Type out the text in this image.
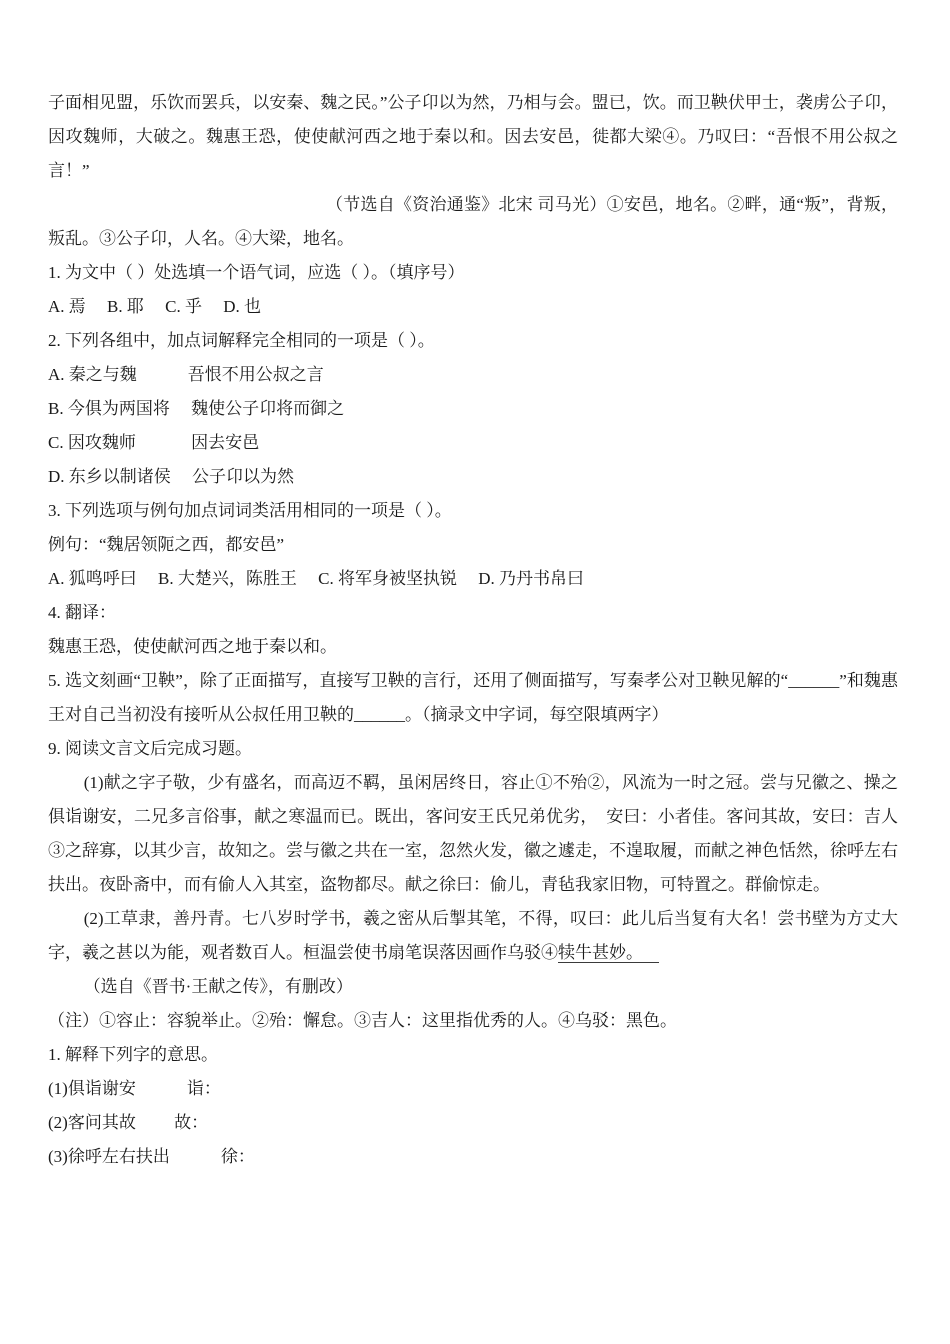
子面相见盟，乐饮而罢兵，以安秦、魏之民。”公子卬以为然，乃相与会。盟已，饮。而卫鞅伏甲士，袭虏公子卬，因攻魏师，大破之。魏惠王恐，使使献河西之地于秦以和。因去安邑，徙都大梁④。乃叹曰：“吾恨不用公叔之言！”

（节选自《资治通鉴》北宋 司马光）①安邑，地名。②畔，通“叛”，背叛，叛乱。③公子卬，人名。④大梁，地名。

1. 为文中（ ）处选填一个语气词，应选（ ）。（填序号）

A. 焉　 B. 耶　 C. 乎　 D. 也

2. 下列各组中，加点词解释完全相同的一项是（ ）。

A. 秦之与魏　　　吾恨不用公叔之言

B. 今俱为两国将　 魏使公子卬将而御之

C. 因攻魏师　　　 因去安邑

D. 东乡以制诸侯　 公子卬以为然

3. 下列选项与例句加点词词类活用相同的一项是（ ）。

例句：“魏居领阨之西，都安邑”

A. 狐鸣呼曰　 B. 大楚兴，陈胜王　 C. 将军身被坚执锐　 D. 乃丹书帛曰

4. 翻译：

魏惠王恐，使使献河西之地于秦以和。

5. 选文刻画“卫鞅”，除了正面描写，直接写卫鞅的言行，还用了侧面描写，写秦孝公对卫鞅见解的“______”和魏惠王对自己当初没有接听从公叔任用卫鞅的______。（摘录文中字词，每空限填两字）

9. 阅读文言文后完成习题。

(1)献之字子敬，少有盛名，而高迈不羁，虽闲居终日，容止①不殆②，风流为一时之冠。尝与兄徽之、操之俱诣谢安，二兄多言俗事，献之寒温而已。既出，客问安王氏兄弟优劣，　安曰：小者佳。客问其故，安曰：吉人③之辞寡，以其少言，故知之。尝与徽之共在一室，忽然火发，徽之遽走，不遑取履，而献之神色恬然，徐呼左右扶出。夜卧斋中，而有偷人入其室，盗物都尽。献之徐曰：偷儿，青毡我家旧物，可特置之。群偷惊走。

(2)工草隶，善丹青。七八岁时学书，羲之密从后掣其笔，不得，叹曰：此儿后当复有大名！尝书壁为方丈大字，羲之甚以为能，观者数百人。桓温尝使书扇笔误落因画作乌驳④犊牛甚妙。

（选自《晋书·王献之传》，有删改）

（注）①容止：容貌举止。②殆：懈怠。③吉人：这里指优秀的人。④乌驳：黑色。

1. 解释下列字的意思。

(1)俱诣谢安　　　诣：

(2)客问其故　　 故：

(3)徐呼左右扶出　　　徐：
